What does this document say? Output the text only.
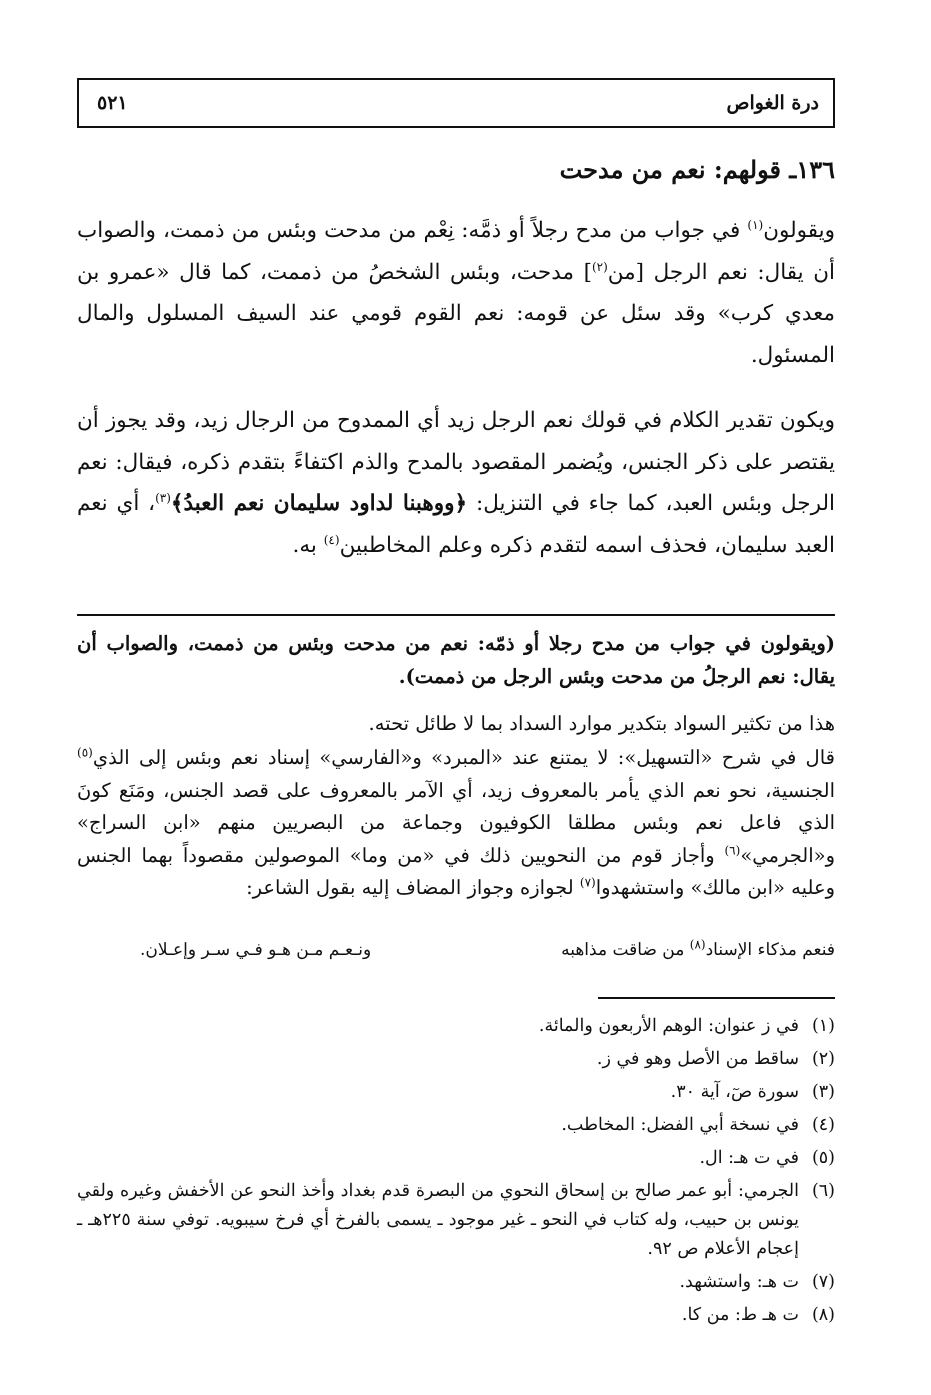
درة الغواص
٥٢١
١٣٦ـ قولهم: نعم من مدحت

ويقولون$^{(١)}$ في جواب من مدح رجلاً أو ذمَّه: نِعْم من مدحت وبئس من ذممت، والصواب أن يقال: نعم الرجل [من$^{(٢)}$] مدحت، وبئس الشخصُ من ذممت، كما قال «عمرو بن معدي كرب» وقد سئل عن قومه: نعم القوم قومي عند السيف المسلول والمال المسئول.

ويكون تقدير الكلام في قولك نعم الرجل زيد أي الممدوح من الرجال زيد، وقد يجوز أن يقتصر على ذكر الجنس، ويُضمر المقصود بالمدح والذم اكتفاءً بتقدم ذكره، فيقال: نعم الرجل وبئس العبد، كما جاء في التنزيل: ﴿ووهبنا لداود سليمان نعم العبدُ﴾$^{(٣)}$، أي نعم العبد سليمان، فحذف اسمه لتقدم ذكره وعلم المخاطبين$^{(٤)}$ به.

(ويقولون في جواب من مدح رجلا أو ذمّه: نعم من مدحت وبئس من ذممت، والصواب أن يقال: نعم الرجلُ من مدحت وبئس الرجل من ذممت).

هذا من تكثير السواد بتكدير موارد السداد بما لا طائل تحته.

قال في شرح «التسهيل»: لا يمتنع عند «المبرد» و«الفارسي» إسناد نعم وبئس إلى الذي$^{(٥)}$ الجنسية، نحو نعم الذي يأمر بالمعروف زيد، أي الآمر بالمعروف على قصد الجنس، ومَنَع كونَ الذي فاعل نعم وبئس مطلقا الكوفيون وجماعة من البصريين منهم «ابن السراج» و«الجرمي»$^{(٦)}$ وأجاز قوم من النحويين ذلك في «من وما» الموصولين مقصوداً بهما الجنس وعليه «ابن مالك» واستشهدوا$^{(٧)}$ لجوازه وجواز المضاف إليه بقول الشاعر:

فنعم مذكاء الإسناد$^{(٨)}$ من ضاقت مذاهبه
ونـعـم مـن هـو فـي سـر وإعـلان.
(١)
في ز عنوان: الوهم الأربعون والمائة.
(٢)
ساقط من الأصل وهو في ز.
(٣)
سورة صٓ، آية ٣٠.
(٤)
في نسخة أبي الفضل: المخاطب.
(٥)
في ت هـ: ال.
(٦)
الجرمي: أبو عمر صالح بن إسحاق النحوي من البصرة قدم بغداد وأخذ النحو عن الأخفش وغيره ولقي يونس بن حبيب، وله كتاب في النحو ـ غير موجود ـ يسمى بالفرخ أي فرخ سيبويه. توفي سنة ٢٢٥هـ ـ إعجام الأعلام ص ٩٢.
(٧)
ت هـ: واستشهد.
(٨)
ت هـ ط: من كا.
